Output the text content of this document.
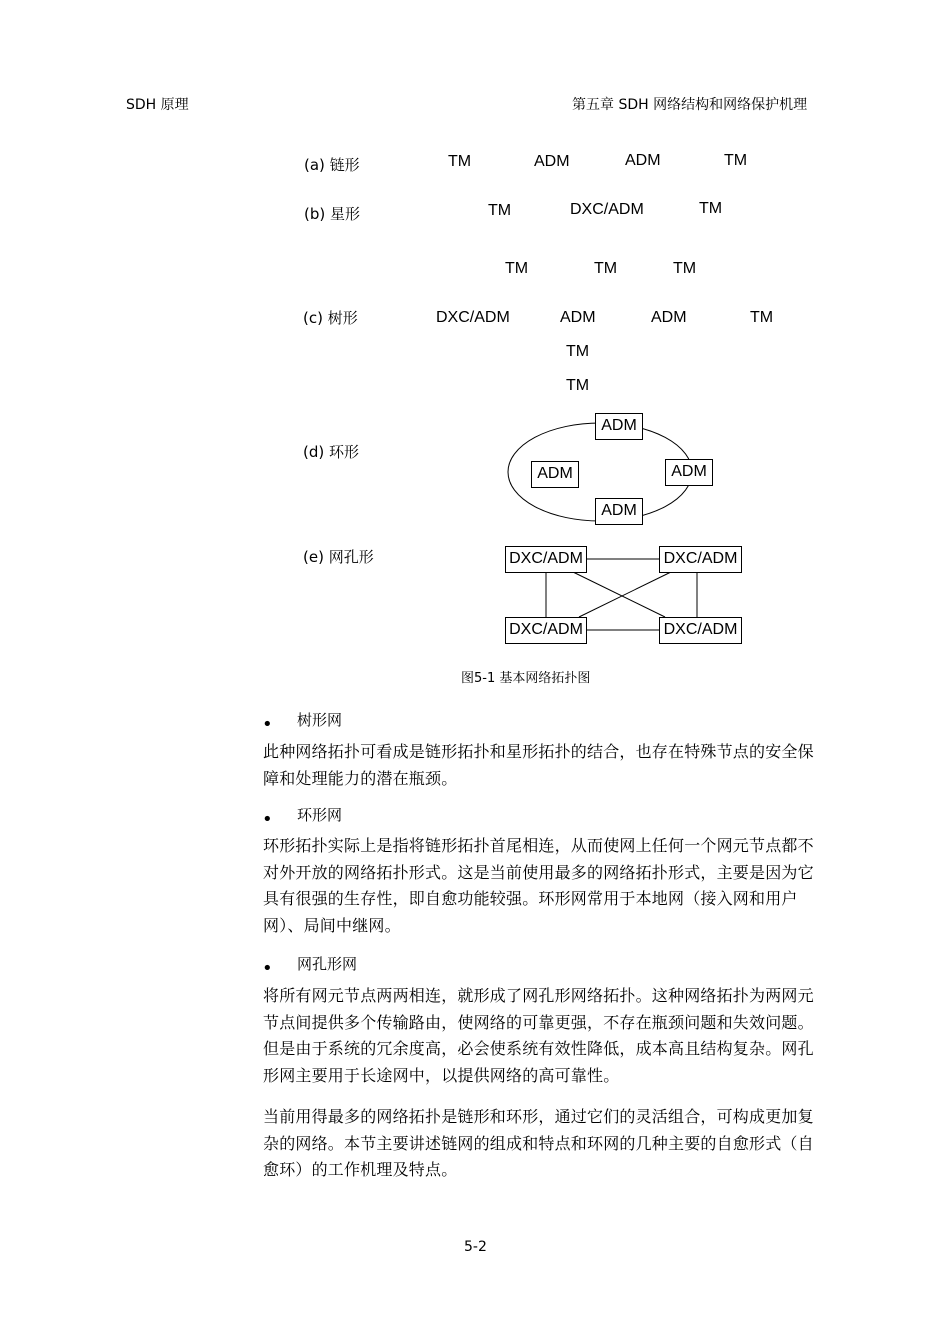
SDH 原理	第五章 SDH 网络结构和网络保护机理
(a) 链形	TM	ADM	ADM	TM
(b) 星形	TM	DXC/ADM	TM
TM	TM	TM
(c) 树形	DXC/ADM	ADM	ADM	TM
TM
TM
(d) 环形
ADM
ADM	ADM
ADM
(e) 网孔形	DXC/ADM	DXC/ADM
DXC/ADM	DXC/ADM
图5-1 基本网络拓扑图
• 树形网
此种网络拓扑可看成是链形拓扑和星形拓扑的结合，也存在特殊节点的安全保障和处理能力的潜在瓶颈。
• 环形网
环形拓扑实际上是指将链形拓扑首尾相连，从而使网上任何一个网元节点都不对外开放的网络拓扑形式。这是当前使用最多的网络拓扑形式，主要是因为它具有很强的生存性，即自愈功能较强。环形网常用于本地网（接入网和用户网）、局间中继网。
• 网孔形网
将所有网元节点两两相连，就形成了网孔形网络拓扑。这种网络拓扑为两网元节点间提供多个传输路由，使网络的可靠更强，不存在瓶颈问题和失效问题。但是由于系统的冗余度高，必会使系统有效性降低，成本高且结构复杂。网孔形网主要用于长途网中，以提供网络的高可靠性。
当前用得最多的网络拓扑是链形和环形，通过它们的灵活组合，可构成更加复杂的网络。本节主要讲述链网的组成和特点和环网的几种主要的自愈形式（自愈环）的工作机理及特点。
5-2
